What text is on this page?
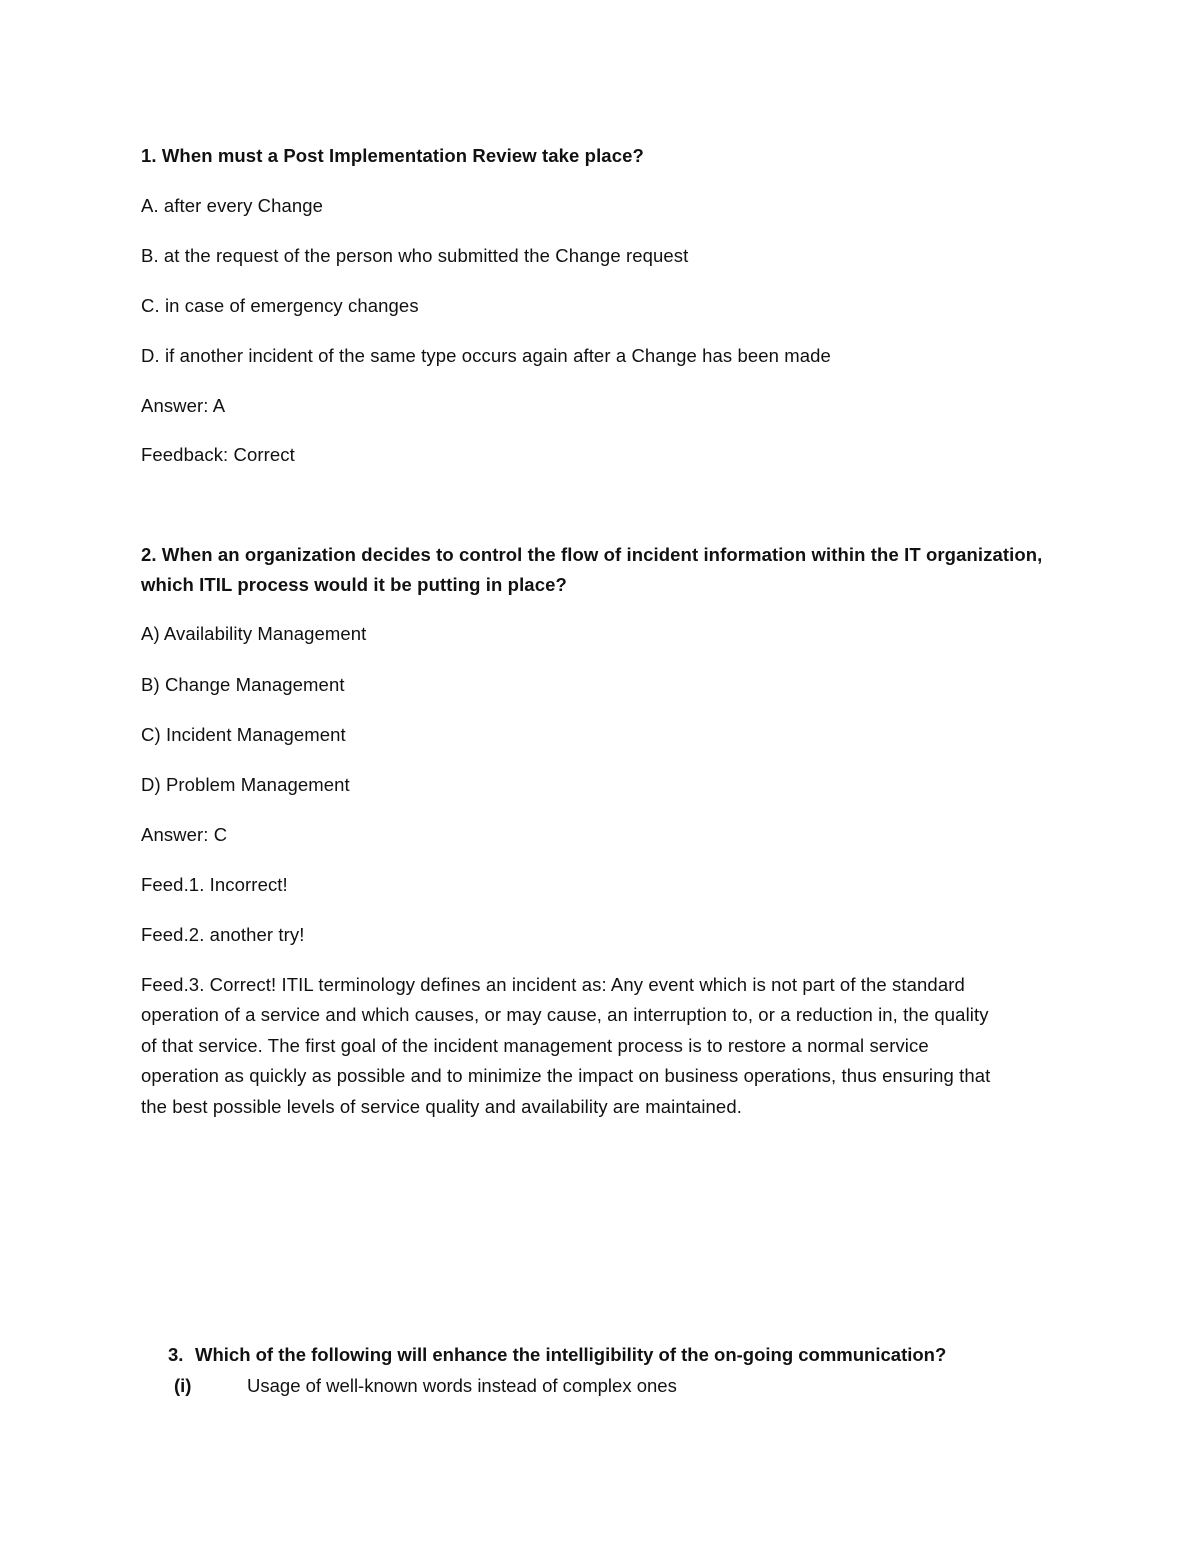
1. When must a Post Implementation Review take place?
A. after every Change
B. at the request of the person who submitted the Change request
C. in case of emergency changes
D. if another incident of the same type occurs again after a Change has been made
Answer: A
Feedback: Correct
2. When an organization decides to control the flow of incident information within the IT organization,
which ITIL process would it be putting in place?
A) Availability Management
B) Change Management
C) Incident Management
D) Problem Management
Answer: C
Feed.1. Incorrect!
Feed.2. another try!
Feed.3. Correct! ITIL terminology defines an incident as: Any event which is not part of the standard
operation of a service and which causes, or may cause, an interruption to, or a reduction in, the quality
of that service. The first goal of the incident management process is to restore a normal service
operation as quickly as possible and to minimize the impact on business operations, thus ensuring that
the best possible levels of service quality and availability are maintained.
3. Which of the following will enhance the intelligibility of the on-going communication?
(i)	Usage of well-known words instead of complex ones
